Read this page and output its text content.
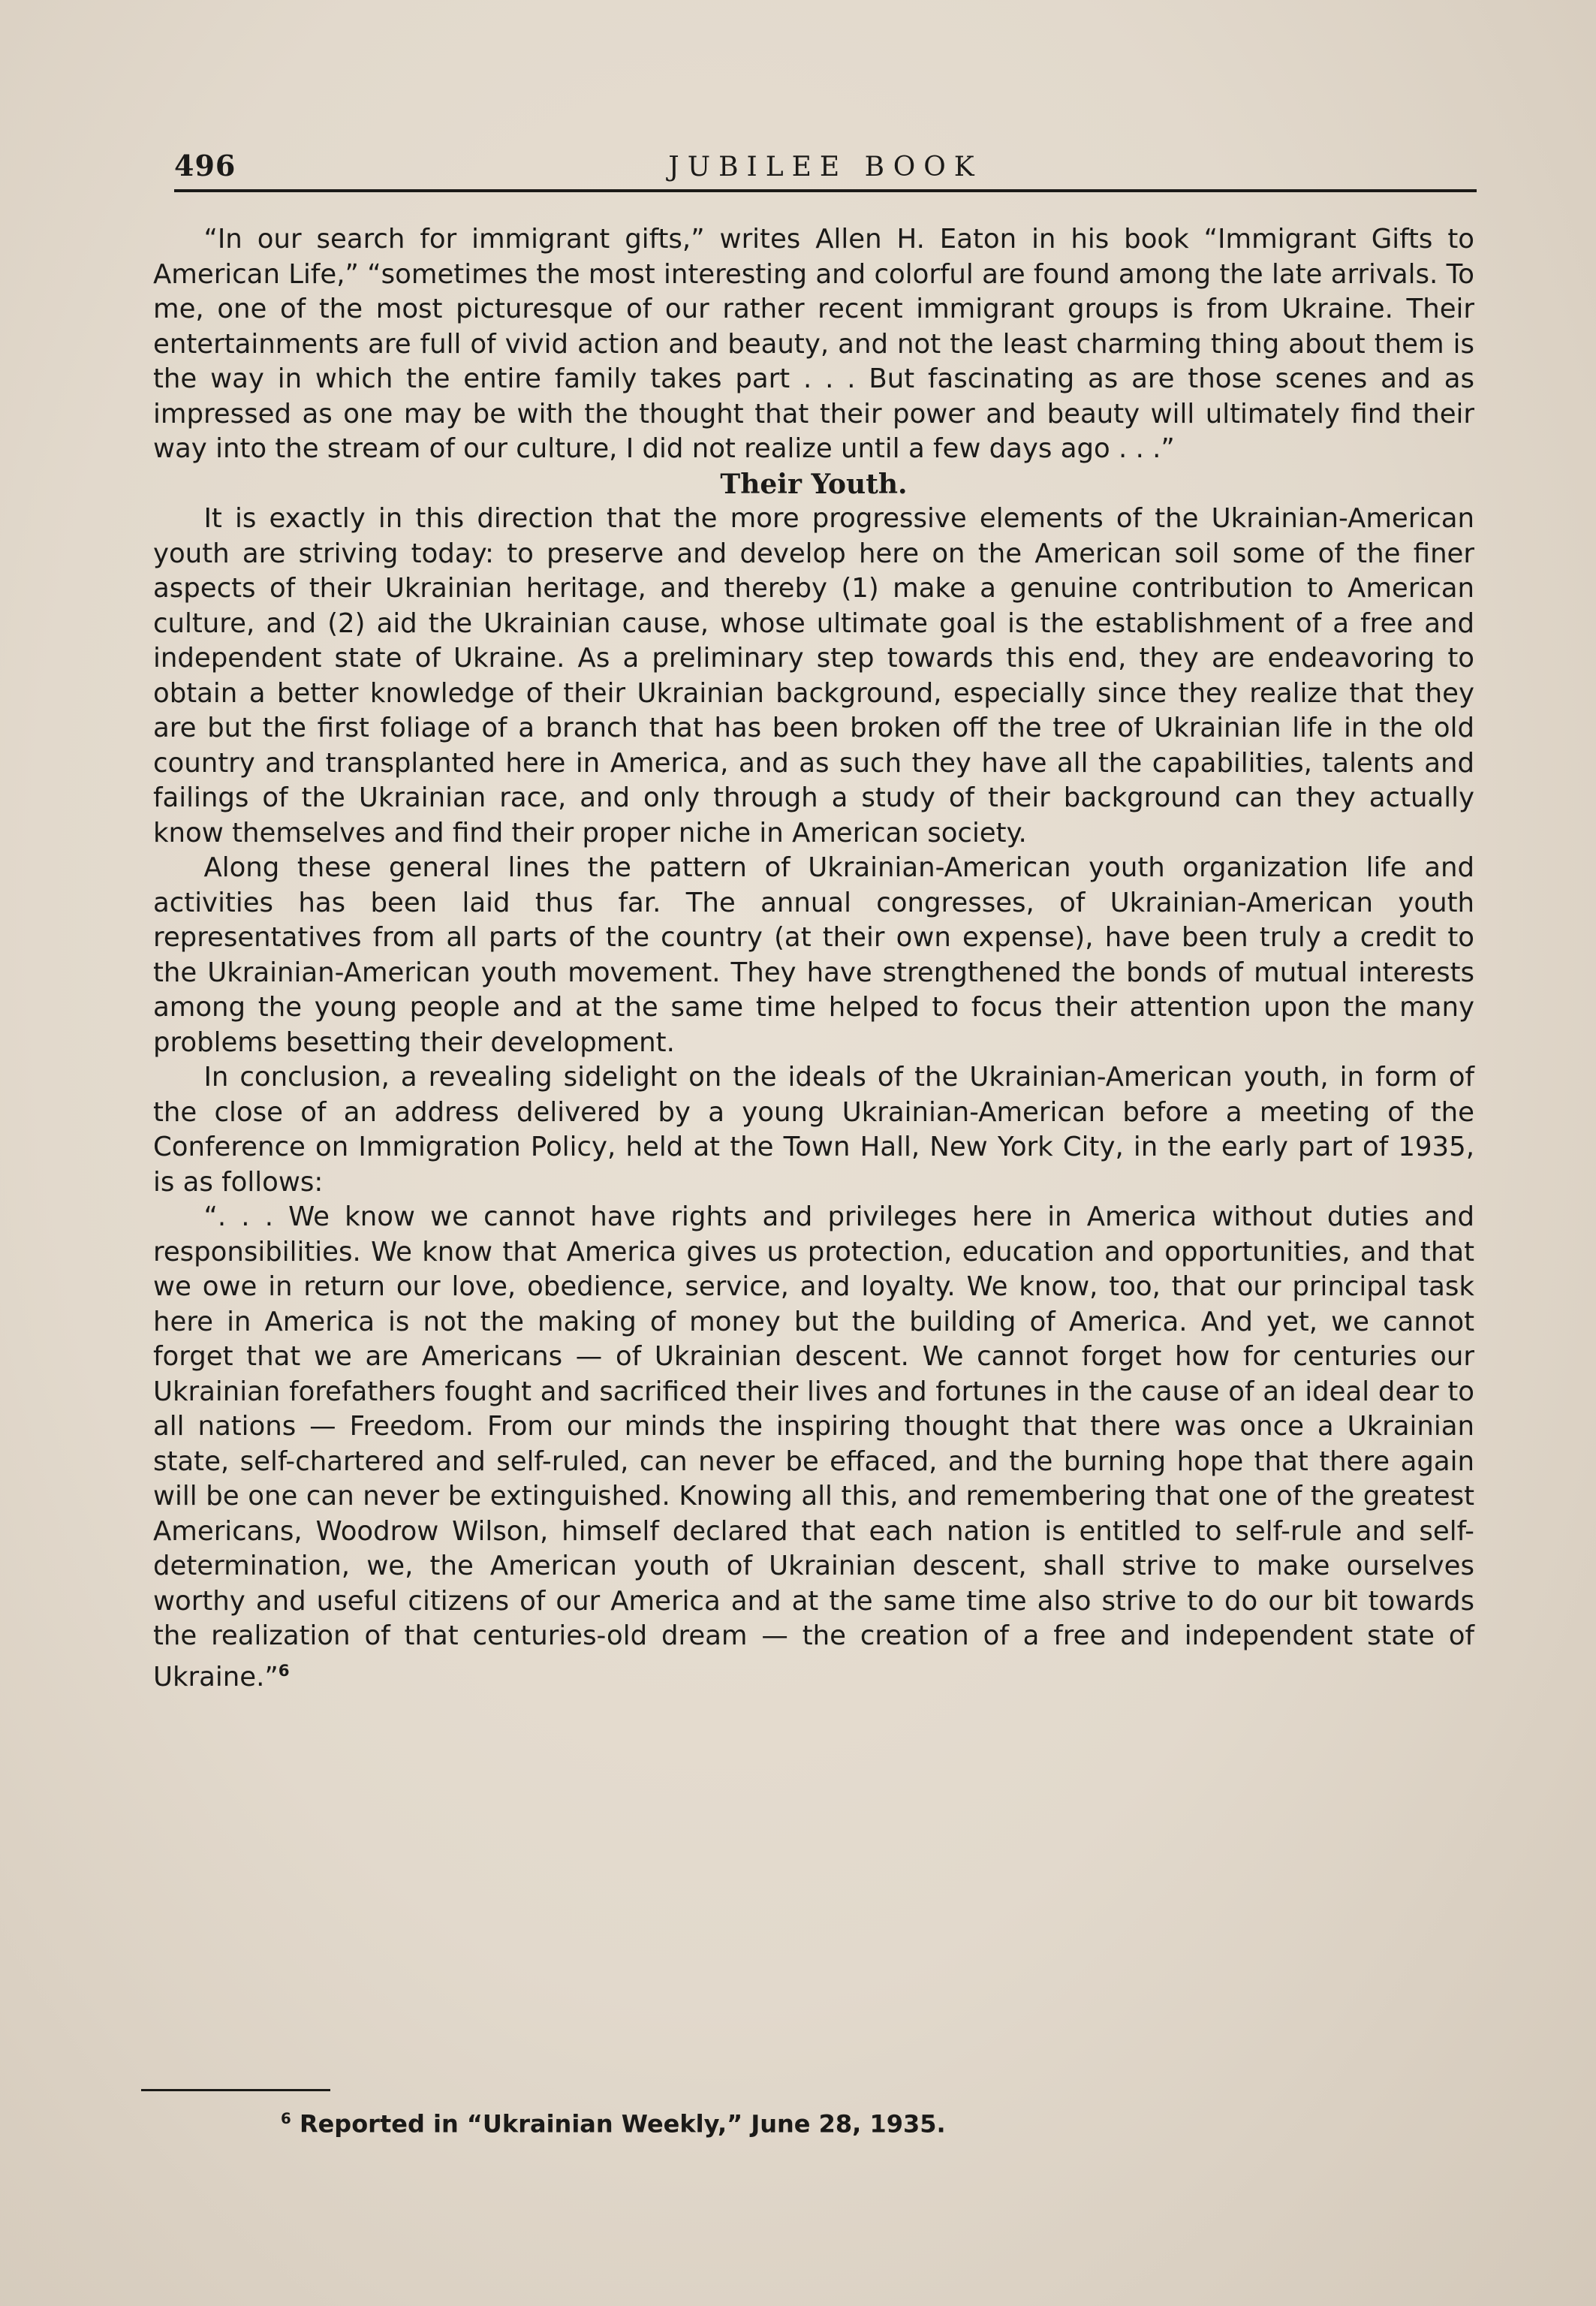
496	JUBILEE BOOK

“In our search for immigrant gifts,” writes Allen H. Eaton in his book “Immigrant Gifts to American Life,” “sometimes the most interesting and colorful are found among the late arrivals. To me, one of the most picturesque of our rather recent immigrant groups is from Ukraine. Their entertainments are full of vivid action and beauty, and not the least charming thing about them is the way in which the entire family takes part . . . But fascinating as are those scenes and as impressed as one may be with the thought that their power and beauty will ultimately find their way into the stream of our culture, I did not realize until a few days ago . . .”

Their Youth.

It is exactly in this direction that the more progressive elements of the Ukrainian-American youth are striving today: to preserve and develop here on the American soil some of the finer aspects of their Ukrainian heritage, and thereby (1) make a genuine contribution to American culture, and (2) aid the Ukrainian cause, whose ultimate goal is the establishment of a free and independent state of Ukraine. As a preliminary step towards this end, they are endeavoring to obtain a better knowledge of their Ukrainian background, especially since they realize that they are but the first foliage of a branch that has been broken off the tree of Ukrainian life in the old country and transplanted here in America, and as such they have all the capabilities, talents and failings of the Ukrainian race, and only through a study of their background can they actually know themselves and find their proper niche in American society.

Along these general lines the pattern of Ukrainian-American youth organization life and activities has been laid thus far. The annual congresses, of Ukrainian-American youth representatives from all parts of the country (at their own expense), have been truly a credit to the Ukrainian-American youth movement. They have strengthened the bonds of mutual interests among the young people and at the same time helped to focus their attention upon the many problems besetting their development.

In conclusion, a revealing sidelight on the ideals of the Ukrainian-American youth, in form of the close of an address delivered by a young Ukrainian-American before a meeting of the Conference on Immigration Policy, held at the Town Hall, New York City, in the early part of 1935, is as follows:

“. . . We know we cannot have rights and privileges here in America without duties and responsibilities. We know that America gives us protection, education and opportunities, and that we owe in return our love, obedience, service, and loyalty. We know, too, that our principal task here in America is not the making of money but the building of America. And yet, we cannot forget that we are Americans — of Ukrainian descent. We cannot forget how for centuries our Ukrainian forefathers fought and sacrificed their lives and fortunes in the cause of an ideal dear to all nations — Freedom. From our minds the inspiring thought that there was once a Ukrainian state, self-chartered and self-ruled, can never be effaced, and the burning hope that there again will be one can never be extinguished. Knowing all this, and remembering that one of the greatest Americans, Woodrow Wilson, himself declared that each nation is entitled to self-rule and self-determination, we, the American youth of Ukrainian descent, shall strive to make ourselves worthy and useful citizens of our America and at the same time also strive to do our bit towards the realization of that centuries-old dream — the creation of a free and independent state of Ukraine.”$^6$

$^6$ Reported in “Ukrainian Weekly,” June 28, 1935.
